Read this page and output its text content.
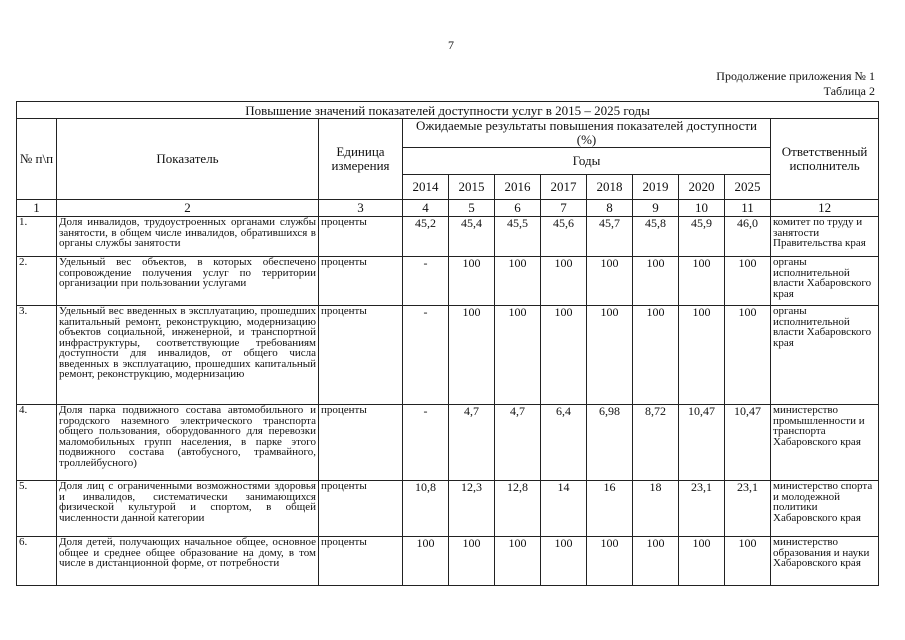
7
Продолжение приложения № 1
Таблица 2
Повышение значений показателей доступности услуг в 2015 – 2025 годы											
№ п\п	Показатель	Единица измерения	Ожидаемые результаты повышения показателей доступности (%)								Ответственный исполнитель
			Годы								
			2014	2015	2016	2017	2018	2019	2020	2025	
1	2	3	4	5	6	7	8	9	10	11	12
1.	Доля инвалидов, трудоустроенных органами службы занятости, в общем числе инвалидов, обратившихся в органы службы занятости	проценты	45,2	45,4	45,5	45,6	45,7	45,8	45,9	46,0	комитет по труду и занятости Правительства края
2.	Удельный вес объектов, в которых обеспечено сопровождение получения услуг по территории организации при пользовании услугами	проценты	-	100	100	100	100	100	100	100	органы исполнительной власти Хабаровского края
3.	Удельный вес введенных в эксплуатацию, прошедших капитальный ремонт, реконструкцию, модернизацию объектов социальной, инженерной, и транспортной инфраструктуры, соответствующие требованиям доступности для инвалидов, от общего числа введенных в эксплуатацию, прошедших капитальный ремонт, реконструкцию, модернизацию	проценты	-	100	100	100	100	100	100	100	органы исполнительной власти Хабаровского края
4.	Доля парка подвижного состава автомобильного и городского наземного электрического транспорта общего пользования, оборудованного для перевозки маломобильных групп населения, в парке этого подвижного состава (автобусного, трамвайного, троллейбусного)	проценты	-	4,7	4,7	6,4	6,98	8,72	10,47	10,47	министерство промышленности и транспорта Хабаровского края
5.	Доля лиц с ограниченными возможностями здоровья и инвалидов, систематически занимающихся физической культурой и спортом, в общей численности данной категории	проценты	10,8	12,3	12,8	14	16	18	23,1	23,1	министерство спорта и молодежной политики Хабаровского края
6.	Доля детей, получающих начальное общее, основное общее и среднее общее образование на дому, в том числе в дистанционной форме, от потребности	проценты	100	100	100	100	100	100	100	100	министерство образования и науки Хабаровского края
